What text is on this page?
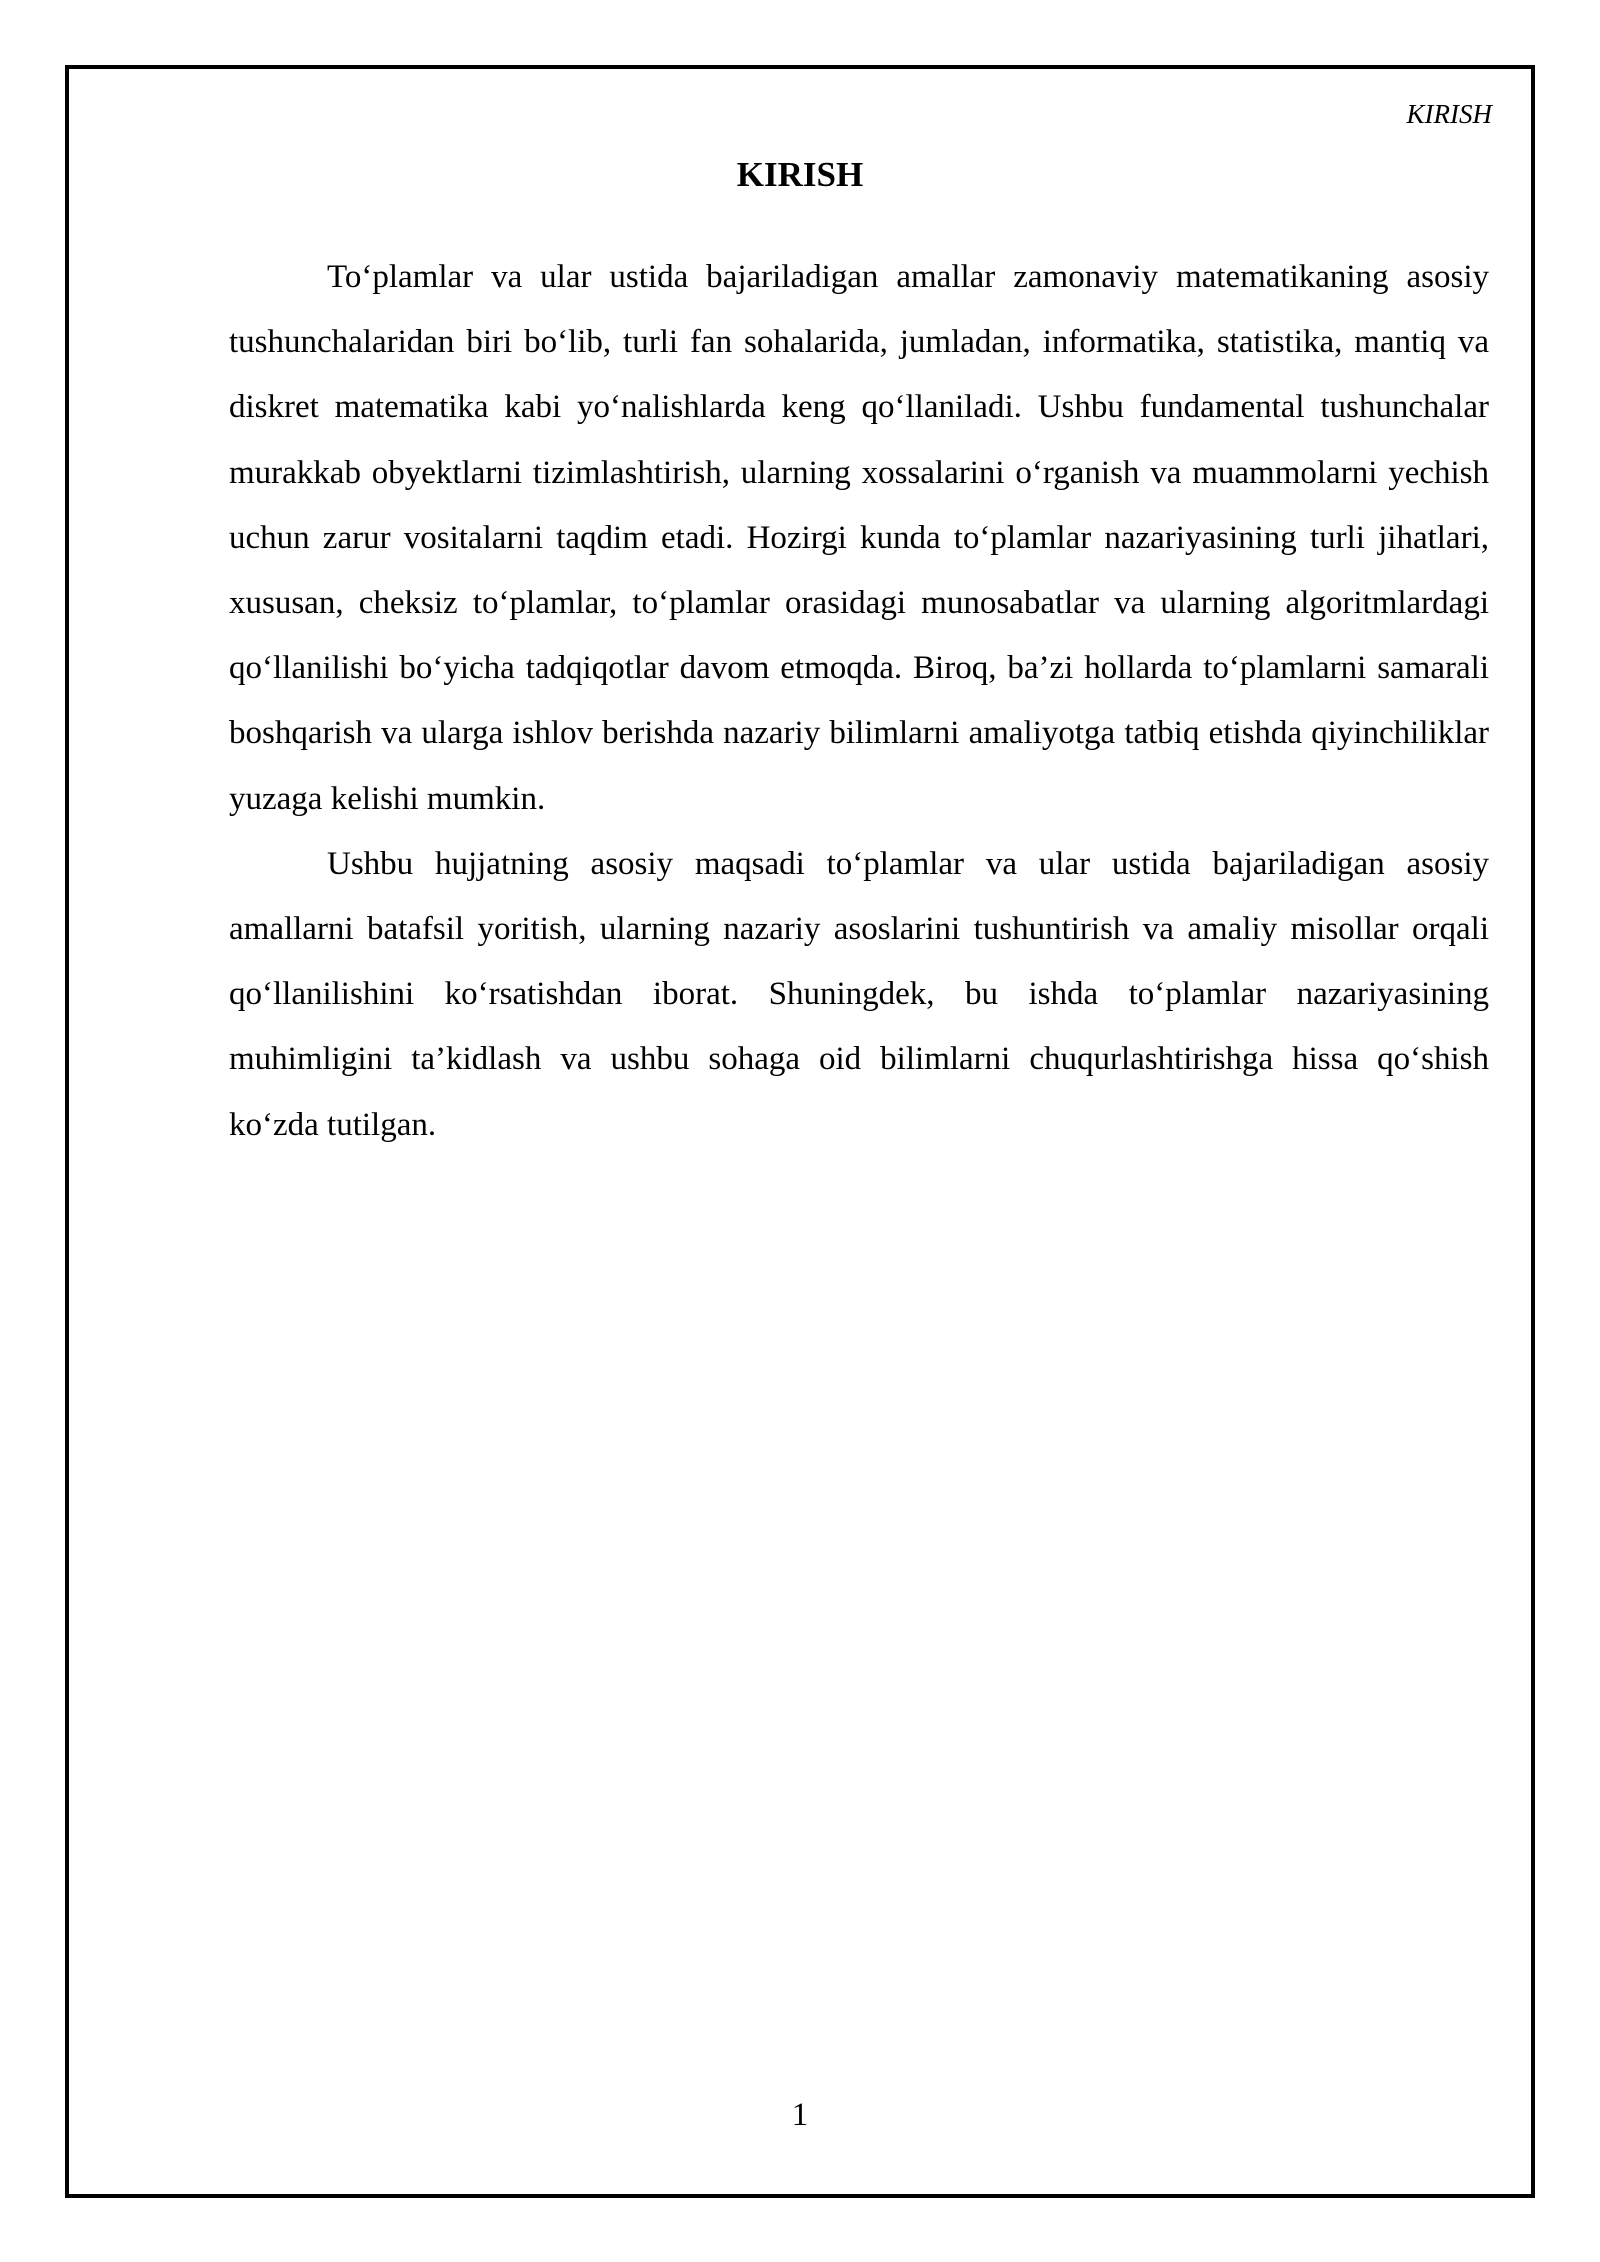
KIRISH
KIRISH

To‘plamlar va ular ustida bajariladigan amallar zamonaviy matematikaning asosiy tushunchalaridan biri bo‘lib, turli fan sohalarida, jumladan, informatika, statistika, mantiq va diskret matematika kabi yo‘nalishlarda keng qo‘llaniladi. Ushbu fundamental tushunchalar murakkab obyektlarni tizimlashtirish, ularning xossalarini o‘rganish va muammolarni yechish uchun zarur vositalarni taqdim etadi. Hozirgi kunda to‘plamlar nazariyasining turli jihatlari, xususan, cheksiz to‘plamlar, to‘plamlar orasidagi munosabatlar va ularning algoritmlardagi qo‘llanilishi bo‘yicha tadqiqotlar davom etmoqda. Biroq, ba’zi hollarda to‘plamlarni samarali boshqarish va ularga ishlov berishda nazariy bilimlarni amaliyotga tatbiq etishda qiyinchiliklar yuzaga kelishi mumkin.

Ushbu hujjatning asosiy maqsadi to‘plamlar va ular ustida bajariladigan asosiy amallarni batafsil yoritish, ularning nazariy asoslarini tushuntirish va amaliy misollar orqali qo‘llanilishini ko‘rsatishdan iborat. Shuningdek, bu ishda to‘plamlar nazariyasining muhimligini ta’kidlash va ushbu sohaga oid bilimlarni chuqurlashtirishga hissa qo‘shish ko‘zda tutilgan.

1
